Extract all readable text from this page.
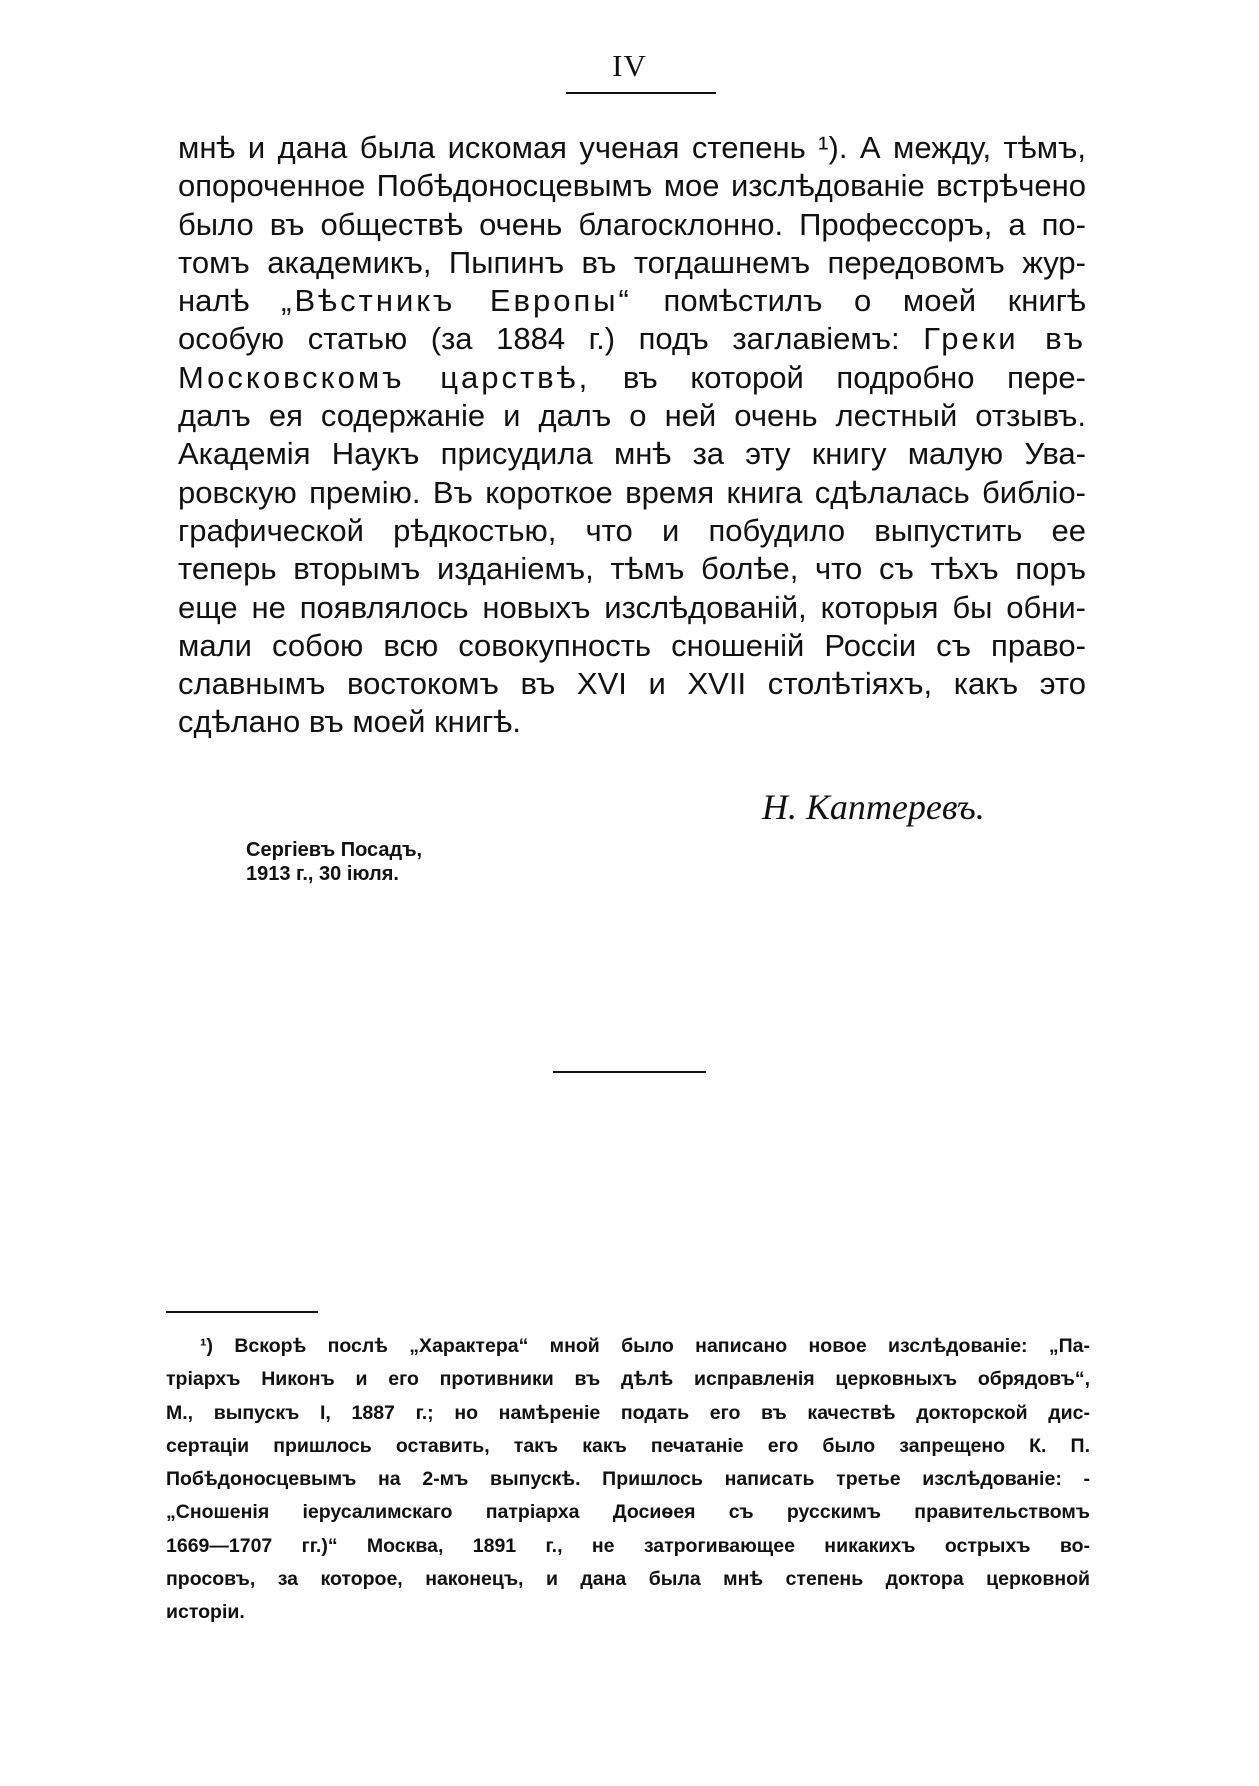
IV
мнѣ и дана была искомая ученая степень ¹). А между, тѣмъ,
опороченное Побѣдоносцевымъ мое изслѣдованіе встрѣчено
было въ обществѣ очень благосклонно. Профессоръ, а по-
томъ академикъ, Пыпинъ въ тогдашнемъ передовомъ жур-
налѣ „Вѣстникъ Европы“ помѣстилъ о моей книгѣ
особую статью (за 1884 г.) подъ заглавіемъ: Греки въ
Московскомъ царствѣ, въ которой подробно пере-
далъ ея содержаніе и далъ о ней очень лестный отзывъ.
Академія Наукъ присудила мнѣ за эту книгу малую Ува-
ровскую премію. Въ короткое время книга сдѣлалась библіо-
графической рѣдкостью, что и побудило выпустить ее
теперь вторымъ изданіемъ, тѣмъ болѣе, что съ тѣхъ поръ
еще не появлялось новыхъ изслѣдованій, которыя бы обни-
мали собою всю совокупность сношеній Россіи съ право-
славнымъ востокомъ въ XVI и XVII столѣтіяхъ, какъ это
сдѣлано въ моей книгѣ.
Н. Каптеревъ.
Сергіевъ Посадъ,
1913 г., 30 іюля.
¹) Вскорѣ послѣ „Характера“ мной было написано новое изслѣдованіе: „Па-
тріархъ Никонъ и его противники въ дѣлѣ исправленія церковныхъ обрядовъ“,
М., выпускъ I, 1887 г.; но намѣреніе подать его въ качествѣ докторской дис-
сертаціи пришлось оставить, такъ какъ печатаніе его было запрещено К. П.
Побѣдоносцевымъ на 2-мъ выпускѣ. Пришлось написать третье изслѣдованіе: -
„Сношенія іерусалимскаго патріарха Досиѳея съ русскимъ правительствомъ
1669—1707 гг.)“ Москва, 1891 г., не затрогивающее никакихъ острыхъ во-
просовъ, за которое, наконецъ, и дана была мнѣ степень доктора церковной
исторіи.
